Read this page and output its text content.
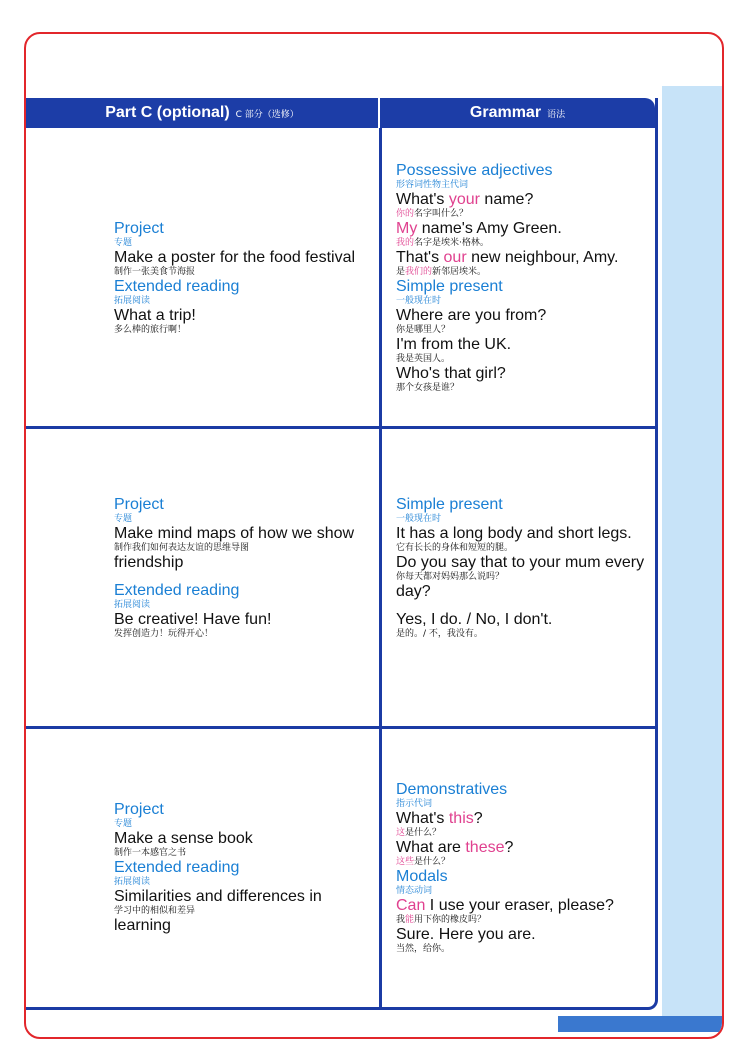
Part C (optional) C 部分（选修）	Grammar 语法
Project
专题
Make a poster for the food festival
制作一张美食节海报
Extended reading
拓展阅读
What a trip!
多么棒的旅行啊！
Possessive adjectives
形容词性物主代词
What's your name?
你的名字叫什么？
My name's Amy Green.
我的名字是埃米·格林。
That's our new neighbour, Amy.
是我们的新邻居埃米。
Simple present
一般现在时
Where are you from?
你是哪里人？
I'm from the UK.
我是英国人。
Who's that girl?
那个女孩是谁？
Project
专题
Make mind maps of how we show
制作我们如何表达友谊的思维导图
friendship
Extended reading
拓展阅读
Be creative! Have fun!
发挥创造力！玩得开心！
Simple present
一般现在时
It has a long body and short legs.
它有长长的身体和短短的腿。
Do you say that to your mum every
你每天都对妈妈那么说吗？
day?
Yes, I do. / No, I don't.
是的。/ 不，我没有。
Project
专题
Make a sense book
制作一本感官之书
Extended reading
拓展阅读
Similarities and differences in
学习中的相似和差异
learning
Demonstratives
指示代词
What's this?
这是什么？
What are these?
这些是什么？
Modals
情态动词
Can I use your eraser, please?
我能用下你的橡皮吗？
Sure. Here you are.
当然，给你。
